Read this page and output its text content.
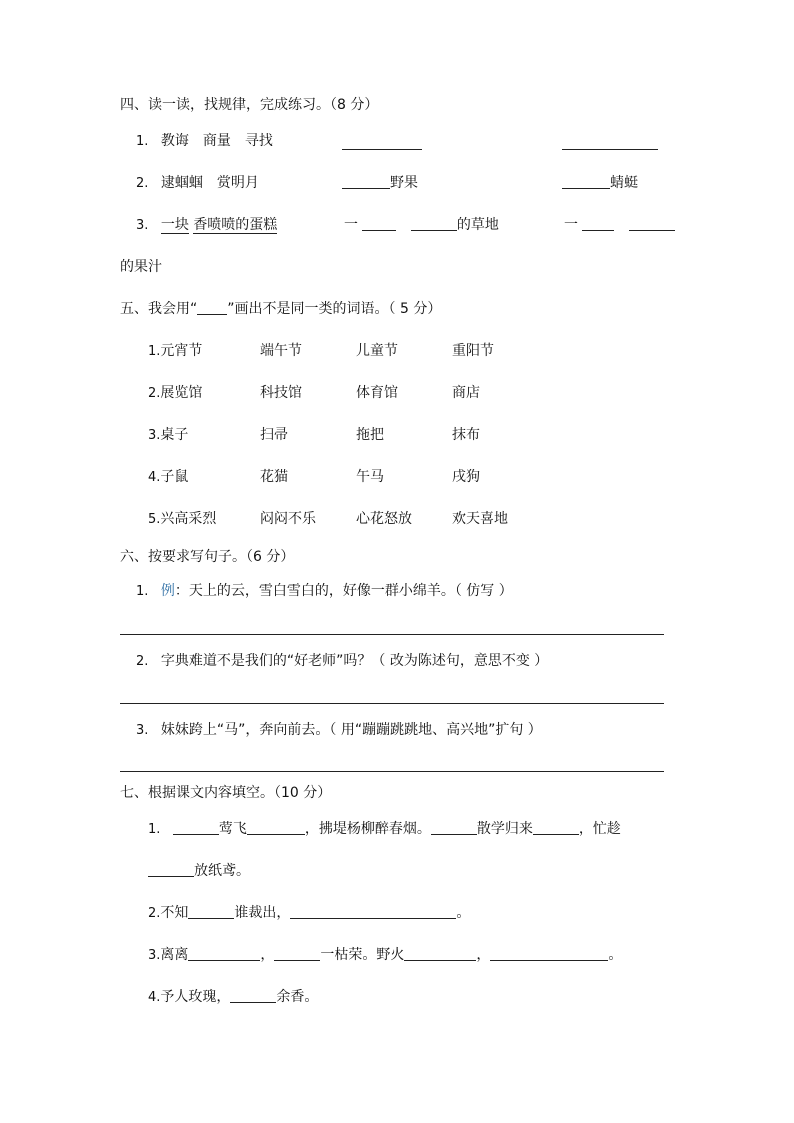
四、读一读，找规律，完成练习。（8 分）
1. 教诲　商量　寻找
2. 逮蝈蝈　赏明月	野果	蜻蜓
3. 一块 香喷喷的蛋糕	一	的草地	一
的果汁
五、我会用“ ”画出不是同一类的词语。（ 5 分）
1.元宵节	端午节	儿童节	重阳节
2.展览馆	科技馆	体育馆	商店
3.桌子	扫帚	拖把	抹布
4.子鼠	花猫	午马	戌狗
5.兴高采烈	闷闷不乐	心花怒放	欢天喜地
六、按要求写句子。（6 分）
1. 例：天上的云，雪白雪白的，好像一群小绵羊。（ 仿写 ）
2. 字典难道不是我们的“好老师”吗？（ 改为陈述句，意思不变 ）
3. 妹妹跨上“马”，奔向前去。（ 用“蹦蹦跳跳地、高兴地”扩句 ）
七、根据课文内容填空。（10 分）
1.	莺飞	，拂堤杨柳醉春烟。	散学归来	，忙趁
放纸鸢。
2.不知	谁裁出，	。
3.离离	，	一枯荣。野火	，	。
4.予人玫瑰，	余香。
